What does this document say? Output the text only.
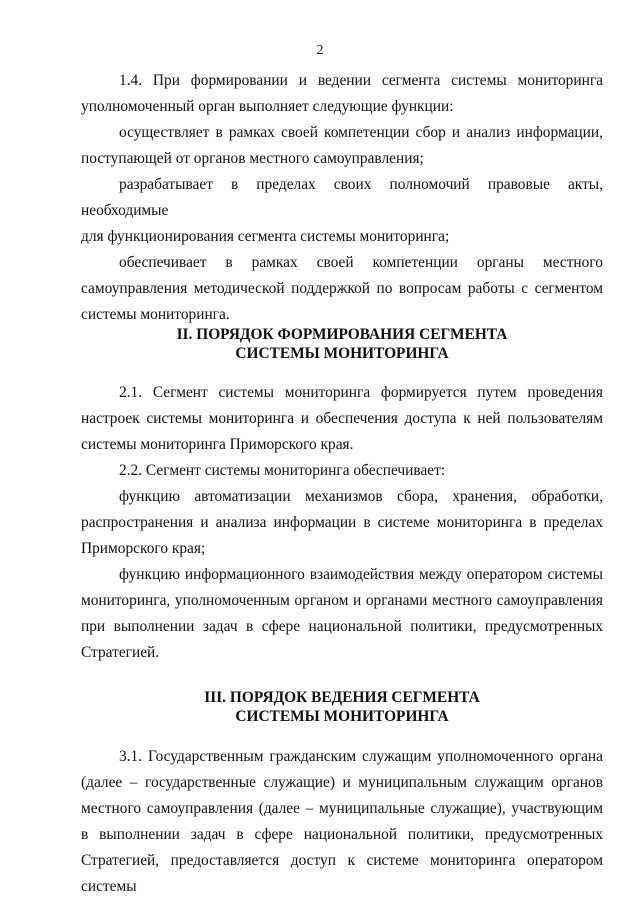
2

1.4. При формировании и ведении сегмента системы мониторинга

уполномоченный орган выполняет следующие функции:

осуществляет в рамках своей компетенции сбор и анализ информации,

поступающей от органов местного самоуправления;

разрабатывает в пределах своих полномочий правовые акты, необходимые

для функционирования сегмента системы мониторинга;

обеспечивает в рамках своей компетенции органы местного

самоуправления методической поддержкой по вопросам работы с сегментом

системы мониторинга.

II. ПОРЯДОК ФОРМИРОВАНИЯ СЕГМЕНТА
СИСТЕМЫ МОНИТОРИНГА

2.1. Сегмент системы мониторинга формируется путем проведения

настроек системы мониторинга и обеспечения доступа к ней пользователям

системы мониторинга Приморского края.

2.2. Сегмент системы мониторинга обеспечивает:

функцию автоматизации механизмов сбора, хранения, обработки,

распространения и анализа информации в системе мониторинга в пределах

Приморского края;

функцию информационного взаимодействия между оператором системы

мониторинга, уполномоченным органом и органами местного самоуправления

при выполнении задач в сфере национальной политики, предусмотренных

Стратегией.

III. ПОРЯДОК ВЕДЕНИЯ СЕГМЕНТА
СИСТЕМЫ МОНИТОРИНГА

3.1. Государственным гражданским служащим уполномоченного органа

(далее – государственные служащие) и муниципальным служащим органов

местного самоуправления (далее – муниципальные служащие), участвующим

в выполнении задач в сфере национальной политики, предусмотренных

Стратегией, предоставляется доступ к системе мониторинга оператором системы
